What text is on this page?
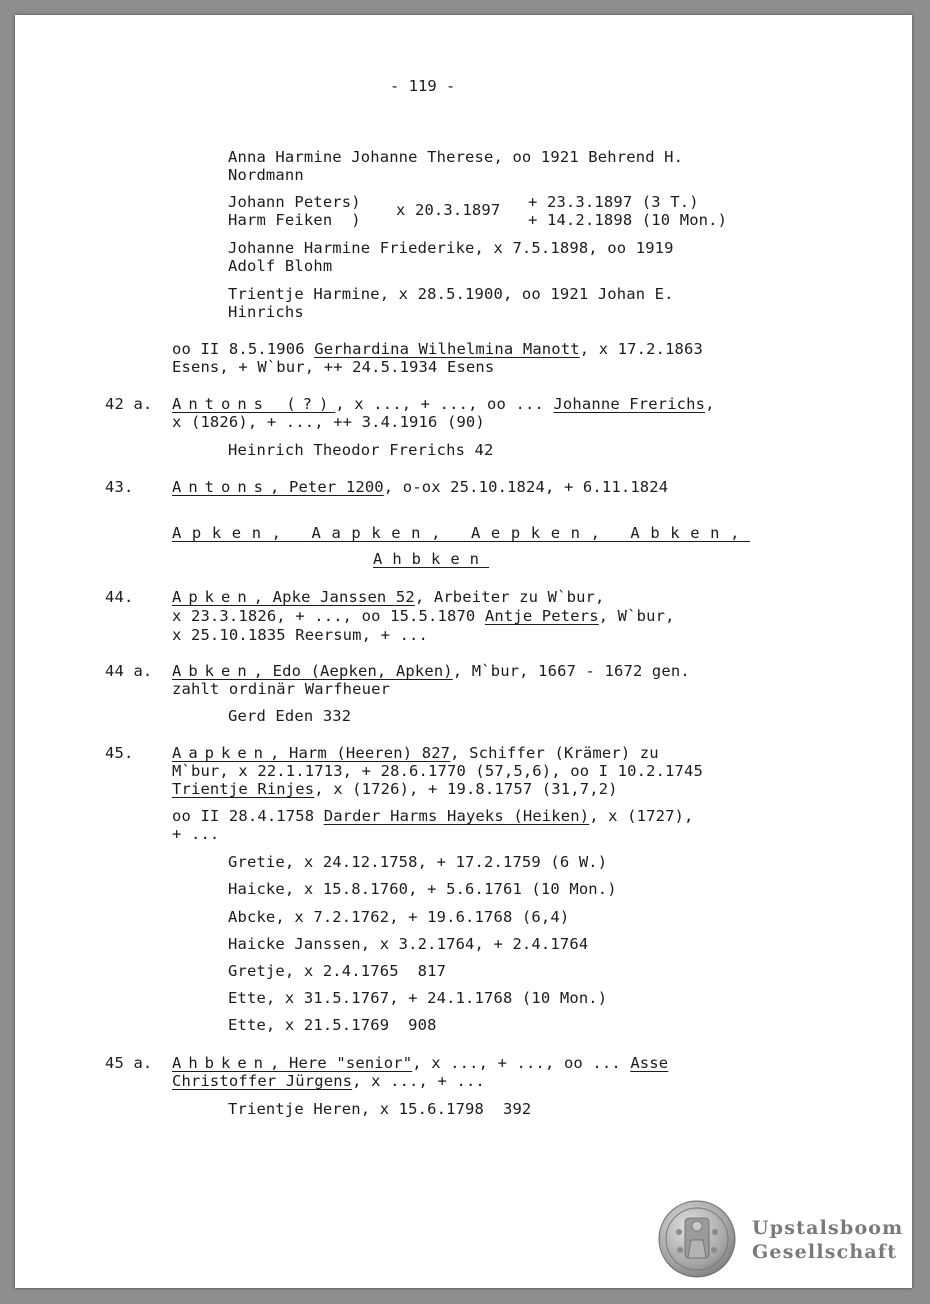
- 119 -
Anna Harmine Johanne Therese, oo 1921 Behrend H.
Nordmann
Johann Peters)
Harm Feiken  )
x 20.3.1897 + 23.3.1897 (3 T.)
+ 14.2.1898 (10 Mon.)
Johanne Harmine Friederike, x 7.5.1898, oo 1919
Adolf Blohm
Trientje Harmine, x 28.5.1900, oo 1921 Johan E.
Hinrichs
oo II 8.5.1906 Gerhardina Wilhelmina Manott, x 17.2.1863
Esens, + W`bur, ++ 24.5.1934 Esens
42 a. Antons (?), x ..., + ..., oo ... Johanne Frerichs,
x (1826), + ..., ++ 3.4.1916 (90)
Heinrich Theodor Frerichs 42
43. Antons, Peter 1200, o-ox 25.10.1824, + 6.11.1824
Apken, Aapken, Aepken, Abken,
Ahbken
44. Apken, Apke Janssen 52, Arbeiter zu W`bur,
x 23.3.1826, + ..., oo 15.5.1870 Antje Peters, W`bur,
x 25.10.1835 Reersum, + ...
44 a. Abken, Edo (Aepken, Apken), M`bur, 1667 - 1672 gen.
zahlt ordinär Warfheuer
Gerd Eden 332
45. Aapken, Harm (Heeren) 827, Schiffer (Krämer) zu
M`bur, x 22.1.1713, + 28.6.1770 (57,5,6), oo I 10.2.1745
Trientje Rinjes, x (1726), + 19.8.1757 (31,7,2)
oo II 28.4.1758 Darder Harms Hayeks (Heiken), x (1727),
+ ...
Gretie, x 24.12.1758, + 17.2.1759 (6 W.)
Haicke, x 15.8.1760, + 5.6.1761 (10 Mon.)
Abcke, x 7.2.1762, + 19.6.1768 (6,4)
Haicke Janssen, x 3.2.1764, + 2.4.1764
Gretje, x 2.4.1765  817
Ette, x 31.5.1767, + 24.1.1768 (10 Mon.)
Ette, x 21.5.1769  908
45 a. Ahbken, Here "senior", x ..., + ..., oo ... Asse
Christoffer Jürgens, x ..., + ...
Trientje Heren, x 15.6.1798  392
Upstalsboom
Gesellschaft
